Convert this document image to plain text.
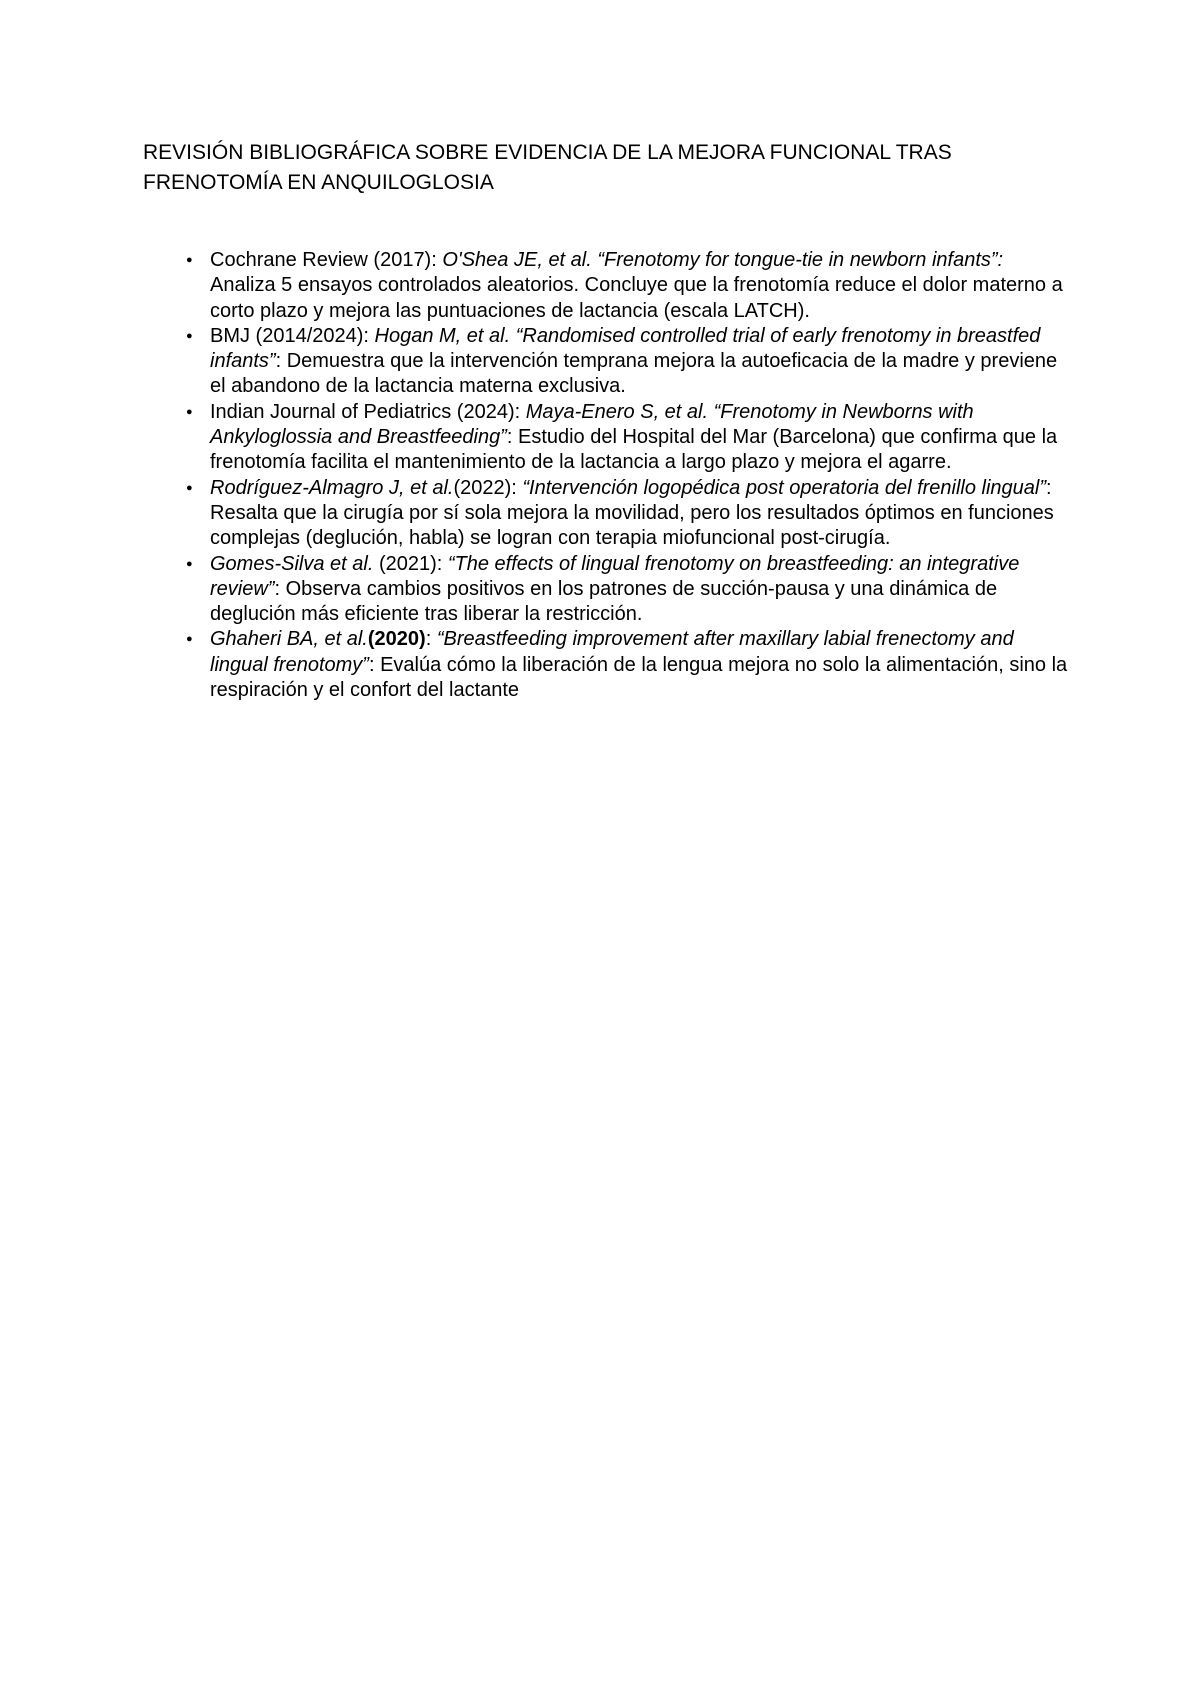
REVISIÓN BIBLIOGRÁFICA SOBRE EVIDENCIA DE LA MEJORA FUNCIONAL TRAS FRENOTOMÍA EN ANQUILOGLOSIA
● Cochrane Review (2017): O'Shea JE, et al. “Frenotomy for tongue-tie in newborn infants”:  Analiza 5 ensayos controlados aleatorios. Concluye que la frenotomía reduce el dolor materno a corto plazo y mejora las puntuaciones de lactancia (escala LATCH).
● BMJ (2014/2024): Hogan M, et al. “Randomised controlled trial of early frenotomy in breastfed infants”: Demuestra que la intervención temprana mejora la autoeficacia de la madre y previene el abandono de la lactancia materna exclusiva.
● Indian Journal of Pediatrics (2024): Maya-Enero S, et al. “Frenotomy in Newborns with Ankyloglossia and Breastfeeding”: Estudio del Hospital del Mar (Barcelona) que confirma que la frenotomía facilita el mantenimiento de la lactancia a largo plazo y mejora el agarre.
● Rodríguez-Almagro J, et al.(2022): “Intervención logopédica post operatoria del frenillo lingual”: Resalta que la cirugía por sí sola mejora la movilidad, pero los resultados óptimos en funciones complejas (deglución, habla) se logran con terapia miofuncional post-cirugía.
● Gomes-Silva et al. (2021): “The effects of lingual frenotomy on breastfeeding: an integrative review”: Observa cambios positivos en los patrones de succión-pausa y una dinámica de deglución más eficiente tras liberar la restricción.
● Ghaheri BA, et al.(2020): “Breastfeeding improvement after maxillary labial frenectomy and lingual frenotomy”: Evalúa cómo la liberación de la lengua mejora no solo la alimentación, sino la respiración y el confort del lactante
